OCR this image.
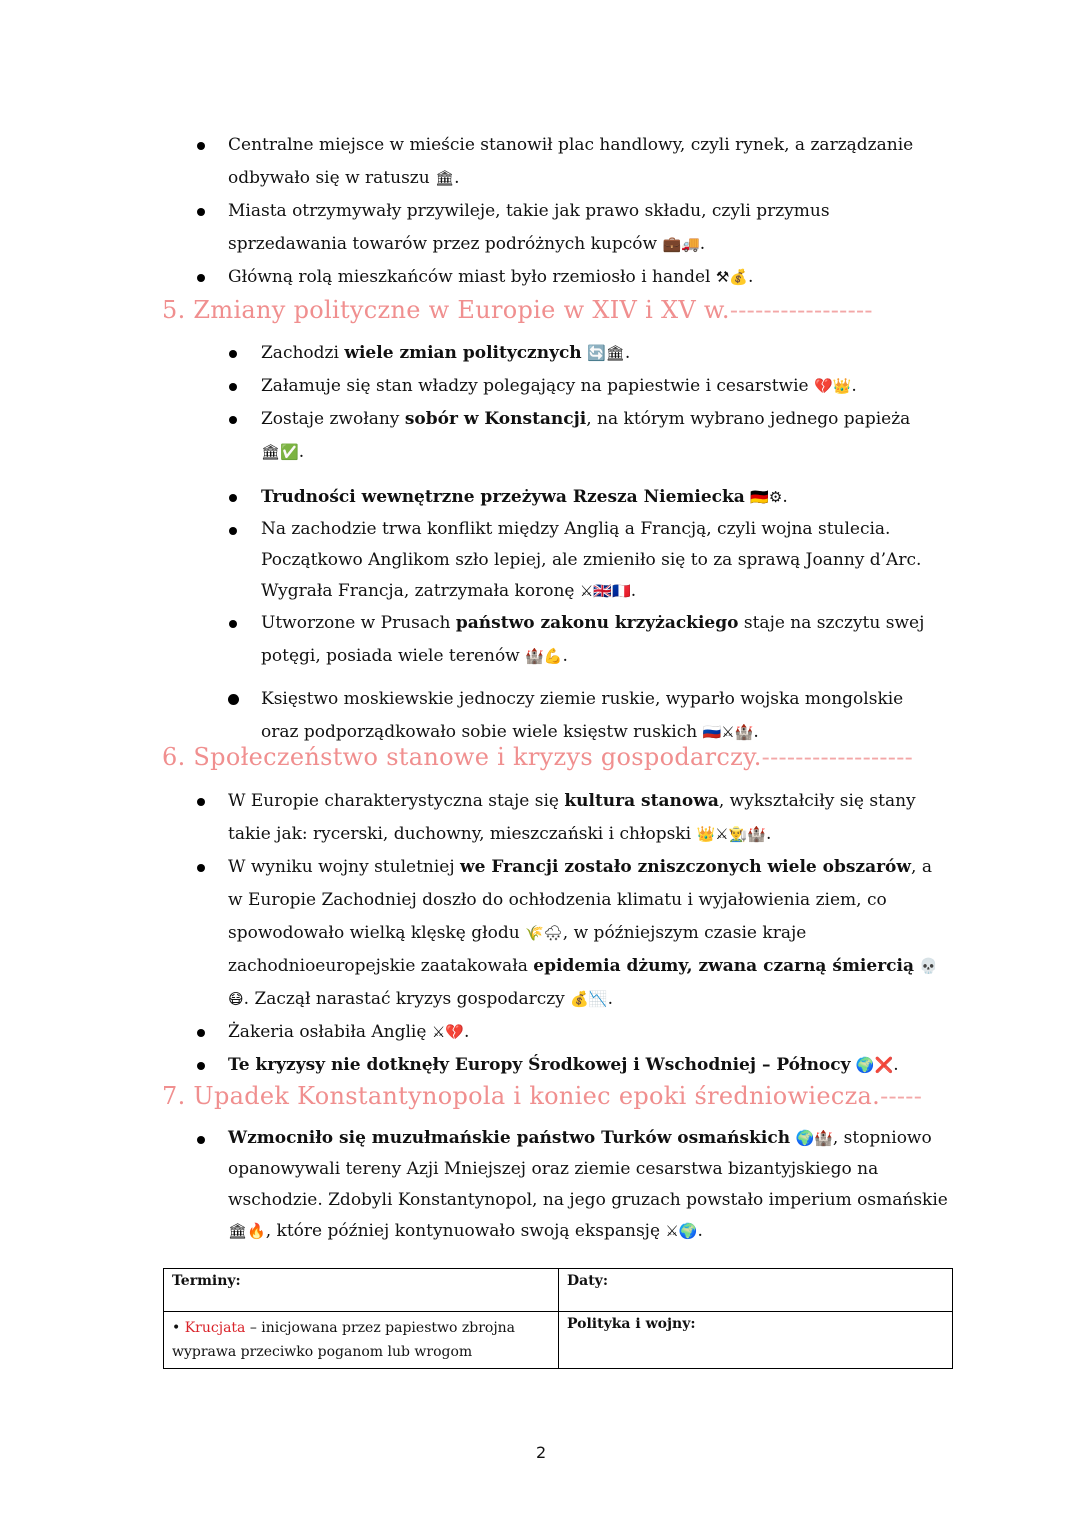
Centralne miejsce w mieście stanowił plac handlowy, czyli rynek, a zarządzanie odbywało się w ratuszu 🏛.
Miasta otrzymywały przywileje, takie jak prawo składu, czyli przymus sprzedawania towarów przez podróżnych kupców 💼🚚.
Główną rolą mieszkańców miast było rzemiosło i handel ⚒💰.
5. Zmiany polityczne w Europie w XIV i XV w.-----------------
Zachodzi wiele zmian politycznych 🔄🏛.
Załamuje się stan władzy polegający na papiestwie i cesarstwie 💔👑.
Zostaje zwołany sobór w Konstancji, na którym wybrano jednego papieża 🏛✅.
Trudności wewnętrzne przeżywa Rzesza Niemiecka 🇩🇪⚙.
Na zachodzie trwa konflikt między Anglią a Francją, czyli wojna stulecia. Początkowo Anglikom szło lepiej, ale zmieniło się to za sprawą Joanny d’Arc. Wygrała Francja, zatrzymała koronę ⚔🇬🇧🇫🇷.
Utworzone w Prusach państwo zakonu krzyżackiego staje na szczytu swej potęgi, posiada wiele terenów 🏰💪.
Księstwo moskiewskie jednoczy ziemie ruskie, wyparło wojska mongolskie oraz podporządkowało sobie wiele księstw ruskich 🇷🇺⚔🏰.
6. Społeczeństwo stanowe i kryzys gospodarczy.------------------
W Europie charakterystyczna staje się kultura stanowa, wykształciły się stany takie jak: rycerski, duchowny, mieszczański i chłopski 👑⚔👨‍🌾🏰.
W wyniku wojny stuletniej we Francji zostało zniszczonych wiele obszarów, a w Europie Zachodniej doszło do ochłodzenia klimatu i wyjałowienia ziem, co spowodowało wielką klęskę głodu 🌾🌨, w późniejszym czasie kraje zachodnioeuropejskie zaatakowała epidemia dżumy, zwana czarną śmiercią 💀😷. Zaczął narastać kryzys gospodarczy 💰📉.
Żakeria osłabiła Anglię ⚔💔.
Te kryzysy nie dotknęły Europy Środkowej i Wschodniej – Północy 🌍❌.
7. Upadek Konstantynopola i koniec epoki średniowiecza.-----
Wzmocniło się muzułmańskie państwo Turków osmańskich 🌍🏰, stopniowo opanowywali tereny Azji Mniejszej oraz ziemie cesarstwa bizantyjskiego na wschodzie. Zdobyli Konstantynopol, na jego gruzach powstało imperium osmańskie 🏛🔥, które później kontynuowało swoją ekspansję ⚔🌍.
Terminy:	Daty:
• Krucjata – inicjowana przez papiestwo zbrojna wyprawa przeciwko poganom lub wrogom	Polityka i wojny:
2
